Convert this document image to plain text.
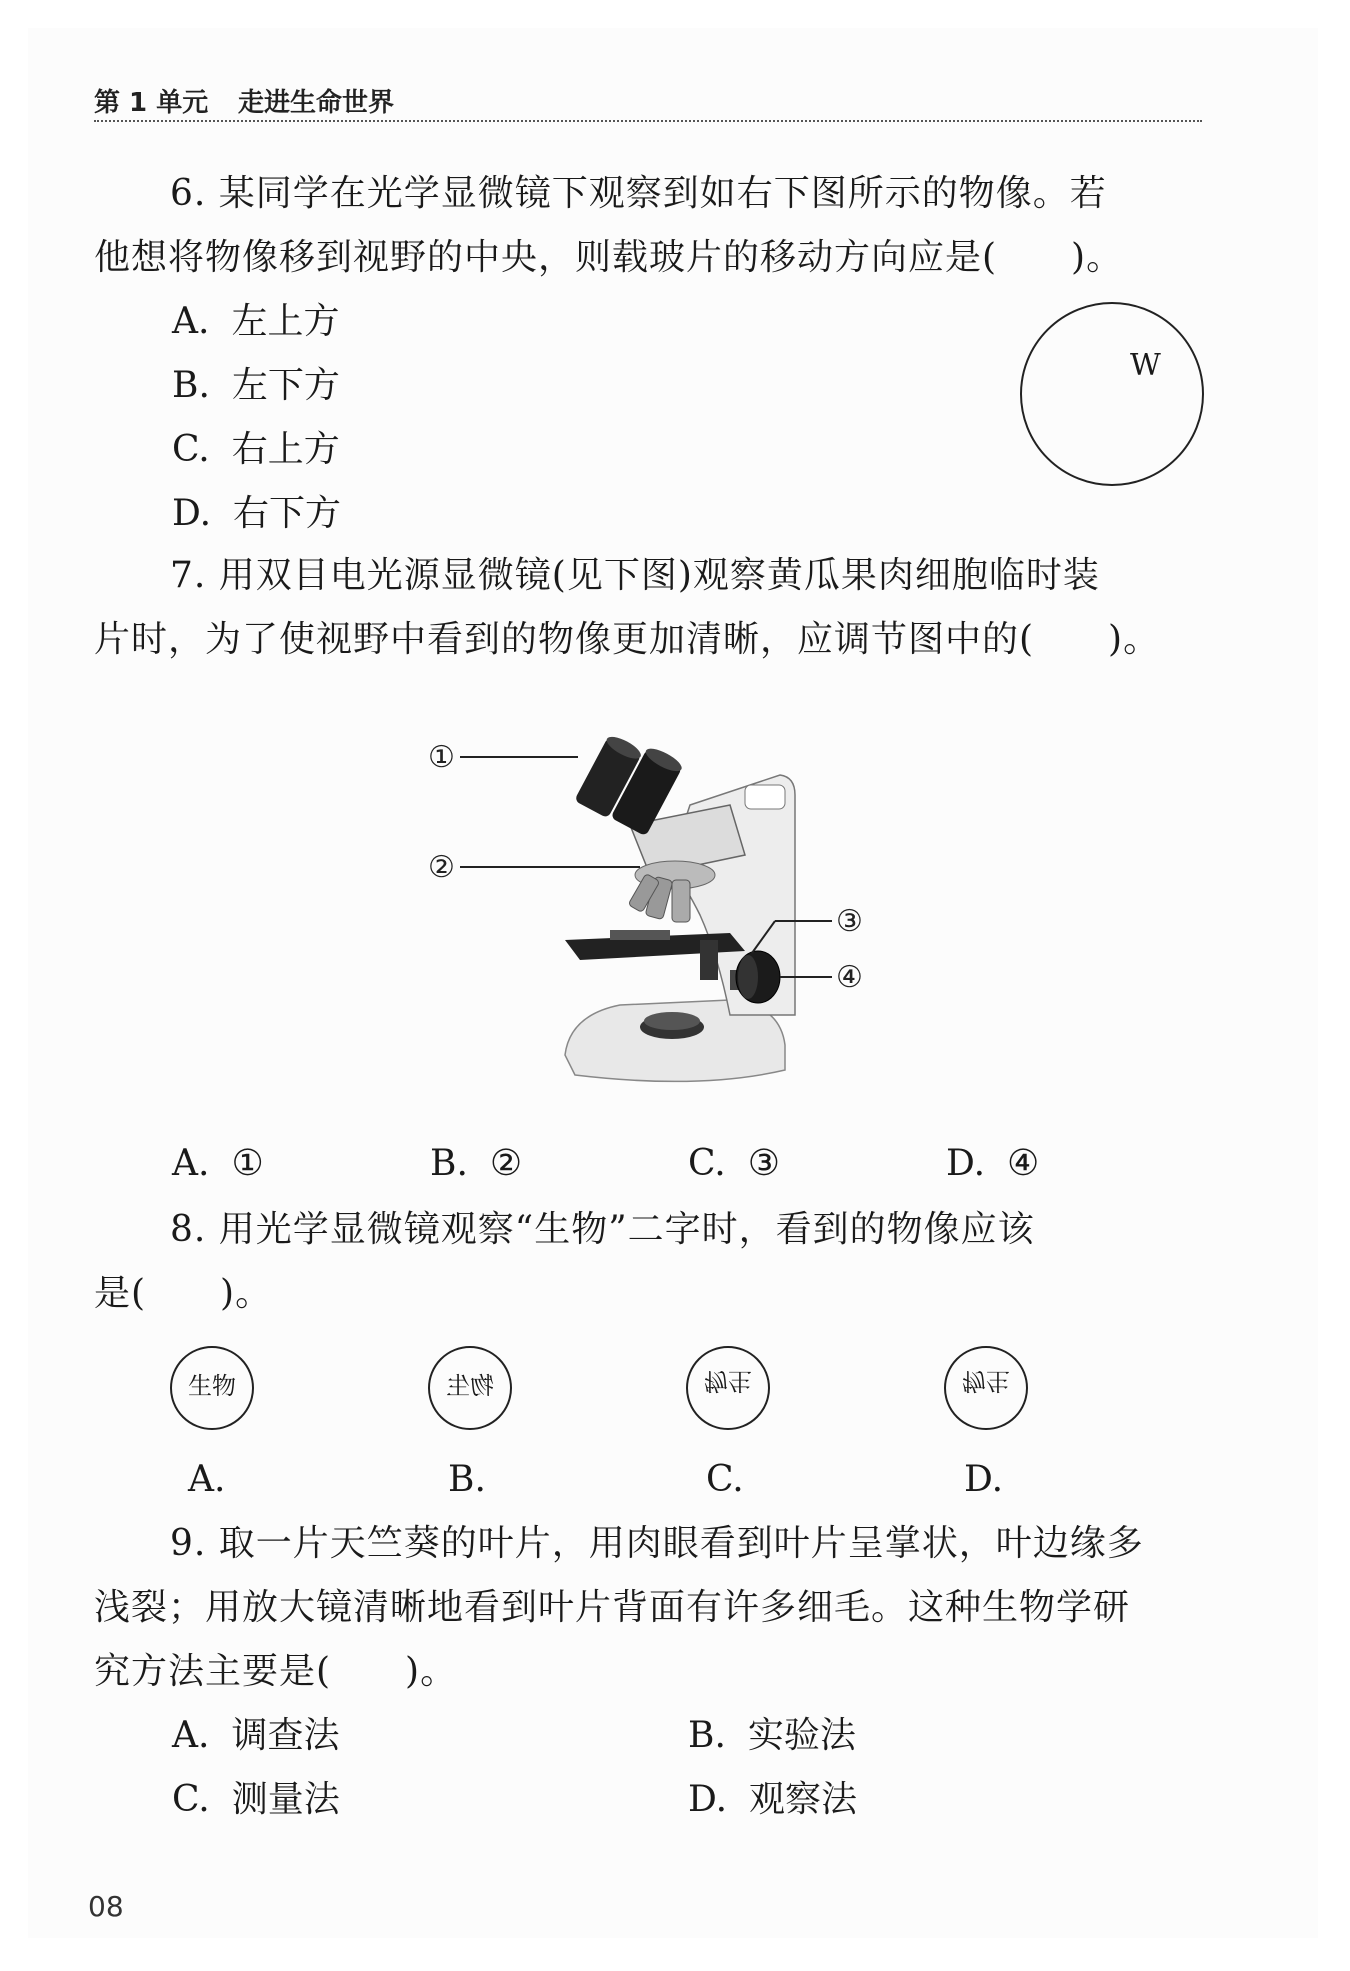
第 1 单元 走进生命世界
6. 某同学在光学显微镜下观察到如右下图所示的物像。若
他想将物像移到视野的中央，则载玻片的移动方向应是(　　)。
A. 左上方
B. 左下方
C. 右上方
D. 右下方
W
7. 用双目电光源显微镜(见下图)观察黄瓜果肉细胞临时装
片时，为了使视野中看到的物像更加清晰，应调节图中的(　　)。
①
②
③
④
A. ①	B. ②	C. ③	D. ④
8. 用光学显微镜观察“生物”二字时，看到的物像应该
是(　　)。
生物	物生	物生	物生
A.	B.	C.	D.
9. 取一片天竺葵的叶片，用肉眼看到叶片呈掌状，叶边缘多
浅裂；用放大镜清晰地看到叶片背面有许多细毛。这种生物学研
究方法主要是(　　)。
A. 调查法	B. 实验法
C. 测量法	D. 观察法
08
